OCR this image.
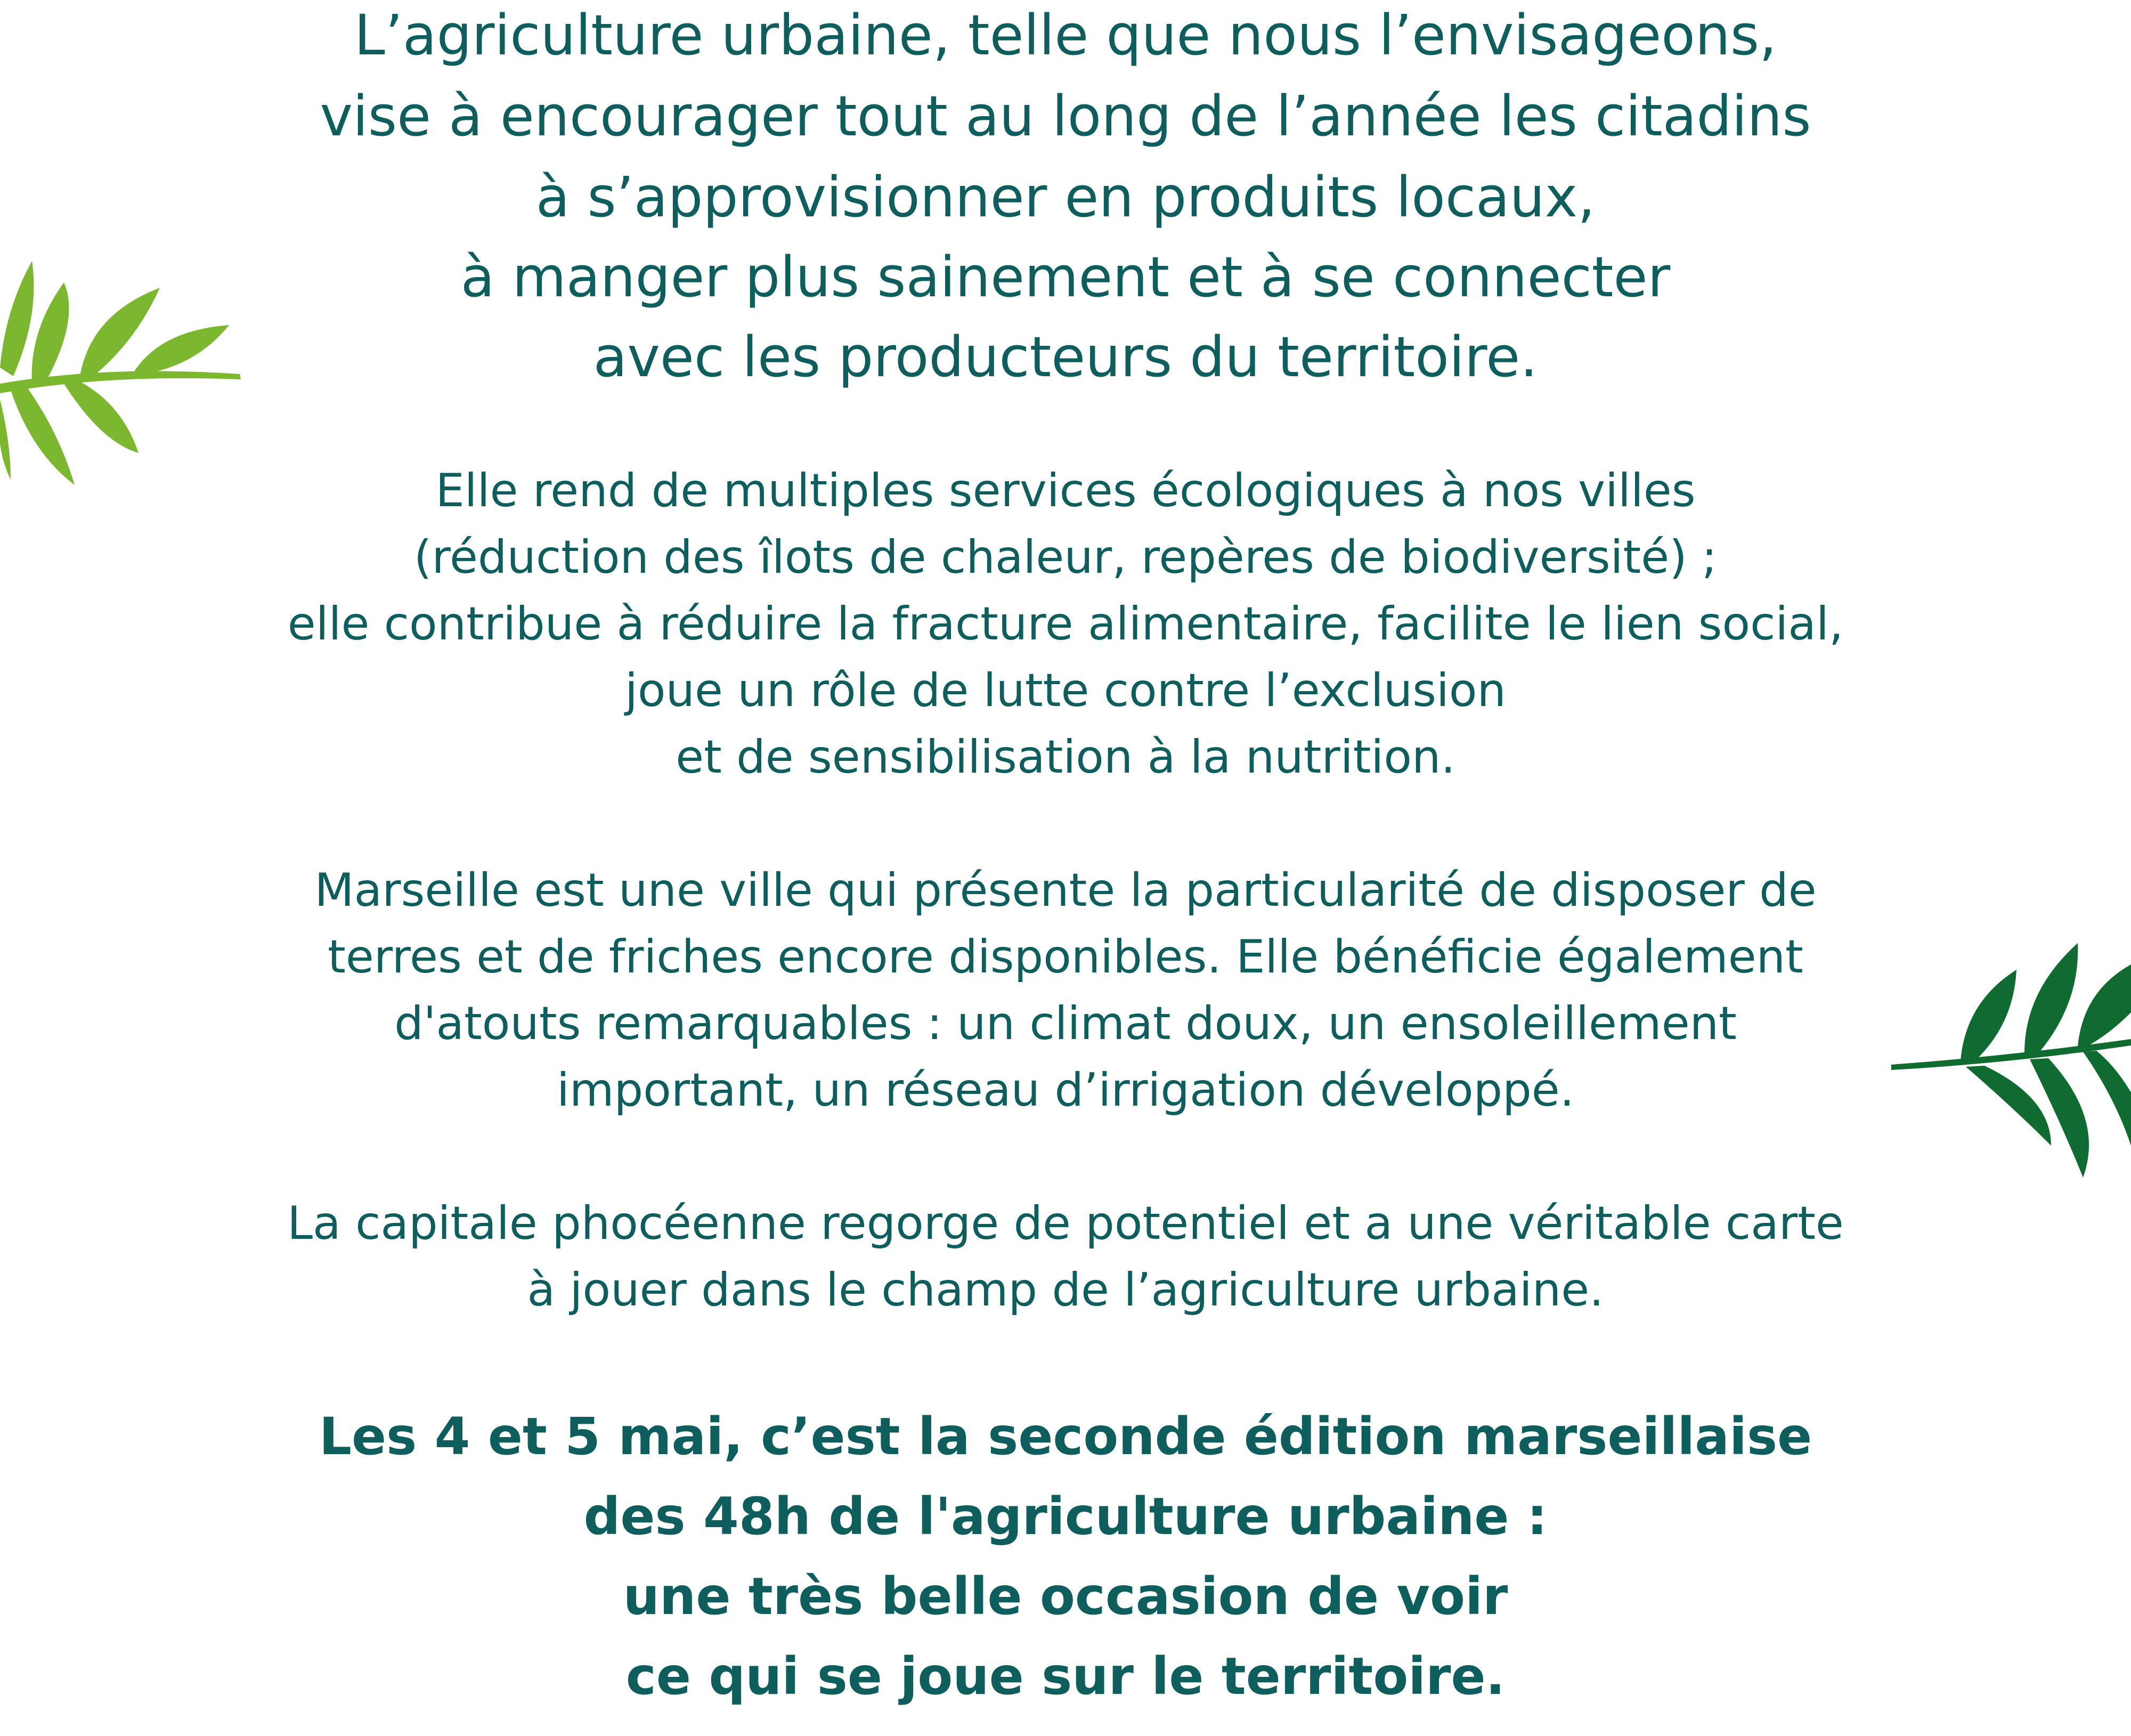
L’agriculture urbaine, telle que nous l’envisageons,
vise à encourager tout au long de l’année les citadins
à s’approvisionner en produits locaux,
à manger plus sainement et à se connecter
avec les producteurs du territoire.
Elle rend de multiples services écologiques à nos villes
(réduction des îlots de chaleur, repères de biodiversité) ;
elle contribue à réduire la fracture alimentaire, facilite le lien social,
joue un rôle de lutte contre l’exclusion
et de sensibilisation à la nutrition.
Marseille est une ville qui présente la particularité de disposer de
terres et de friches encore disponibles. Elle bénéficie également
d'atouts remarquables : un climat doux, un ensoleillement
important, un réseau d’irrigation développé.
La capitale phocéenne regorge de potentiel et a une véritable carte
à jouer dans le champ de l’agriculture urbaine.
Les 4 et 5 mai, c’est la seconde édition marseillaise
des 48h de l'agriculture urbaine :
une très belle occasion de voir
ce qui se joue sur le territoire.
